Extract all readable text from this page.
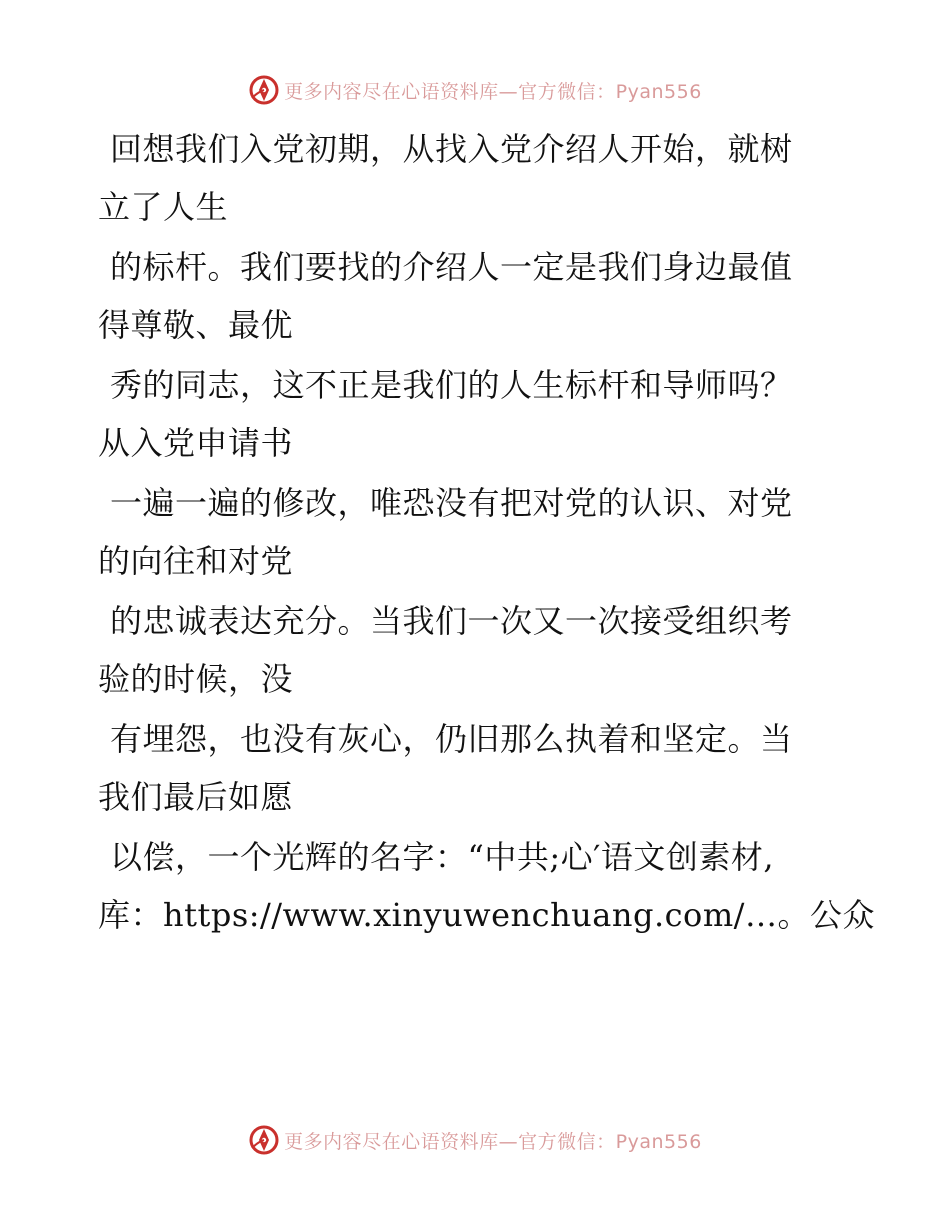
更多内容尽在心语资料库—官方微信：Pyan556
回想我们入党初期，从找入党介绍人开始，就树
立了人生
的标杆。我们要找的介绍人一定是我们身边最值
得尊敬、最优
秀的同志，这不正是我们的人生标杆和导师吗？
从入党申请书
一遍一遍的修改，唯恐没有把对党的认识、对党
的向往和对党
的忠诚表达充分。当我们一次又一次接受组织考
验的时候，没
有埋怨，也没有灰心，仍旧那么执着和坚定。当
我们最后如愿
以偿，一个光辉的名字：“中共;心′语文创素材,
库：https://www.xinyuwenchuang.com/…。公众
更多内容尽在心语资料库—官方微信：Pyan556
